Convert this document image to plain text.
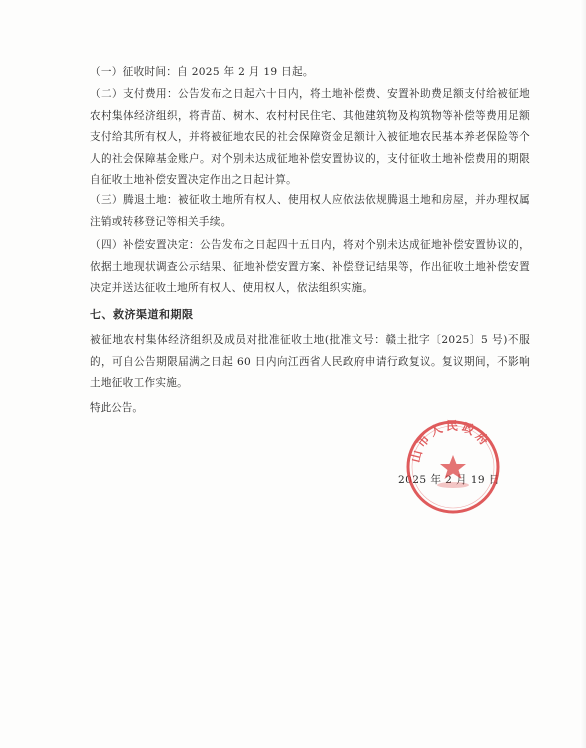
（一）征收时间：自 2025 年 2 月 19 日起。

（二）支付费用：公告发布之日起六十日内，将土地补偿费、安置补助费足额支付给被征地农村集体经济组织，将青苗、树木、农村村民住宅、其他建筑物及构筑物等补偿等费用足额支付给其所有权人，并将被征地农民的社会保障资金足额计入被征地农民基本养老保险等个人的社会保障基金账户。对个别未达成征地补偿安置协议的，支付征收土地补偿费用的期限自征收土地补偿安置决定作出之日起计算。

（三）腾退土地：被征收土地所有权人、使用权人应依法依规腾退土地和房屋，并办理权属注销或转移登记等相关手续。

（四）补偿安置决定：公告发布之日起四十五日内，将对个别未达成征地补偿安置协议的，依据土地现状调查公示结果、征地补偿安置方案、补偿登记结果等，作出征收土地补偿安置决定并送达征收土地所有权人、使用权人，依法组织实施。

七、救济渠道和期限

被征地农村集体经济组织及成员对批准征收土地(批准文号：赣土批字〔2025〕5 号)不服的，可自公告期限届满之日起 60 日内向江西省人民政府申请行政复议。复议期间，不影响土地征收工作实施。

特此公告。

2025 年 2 月 19 日

山市人民政府
